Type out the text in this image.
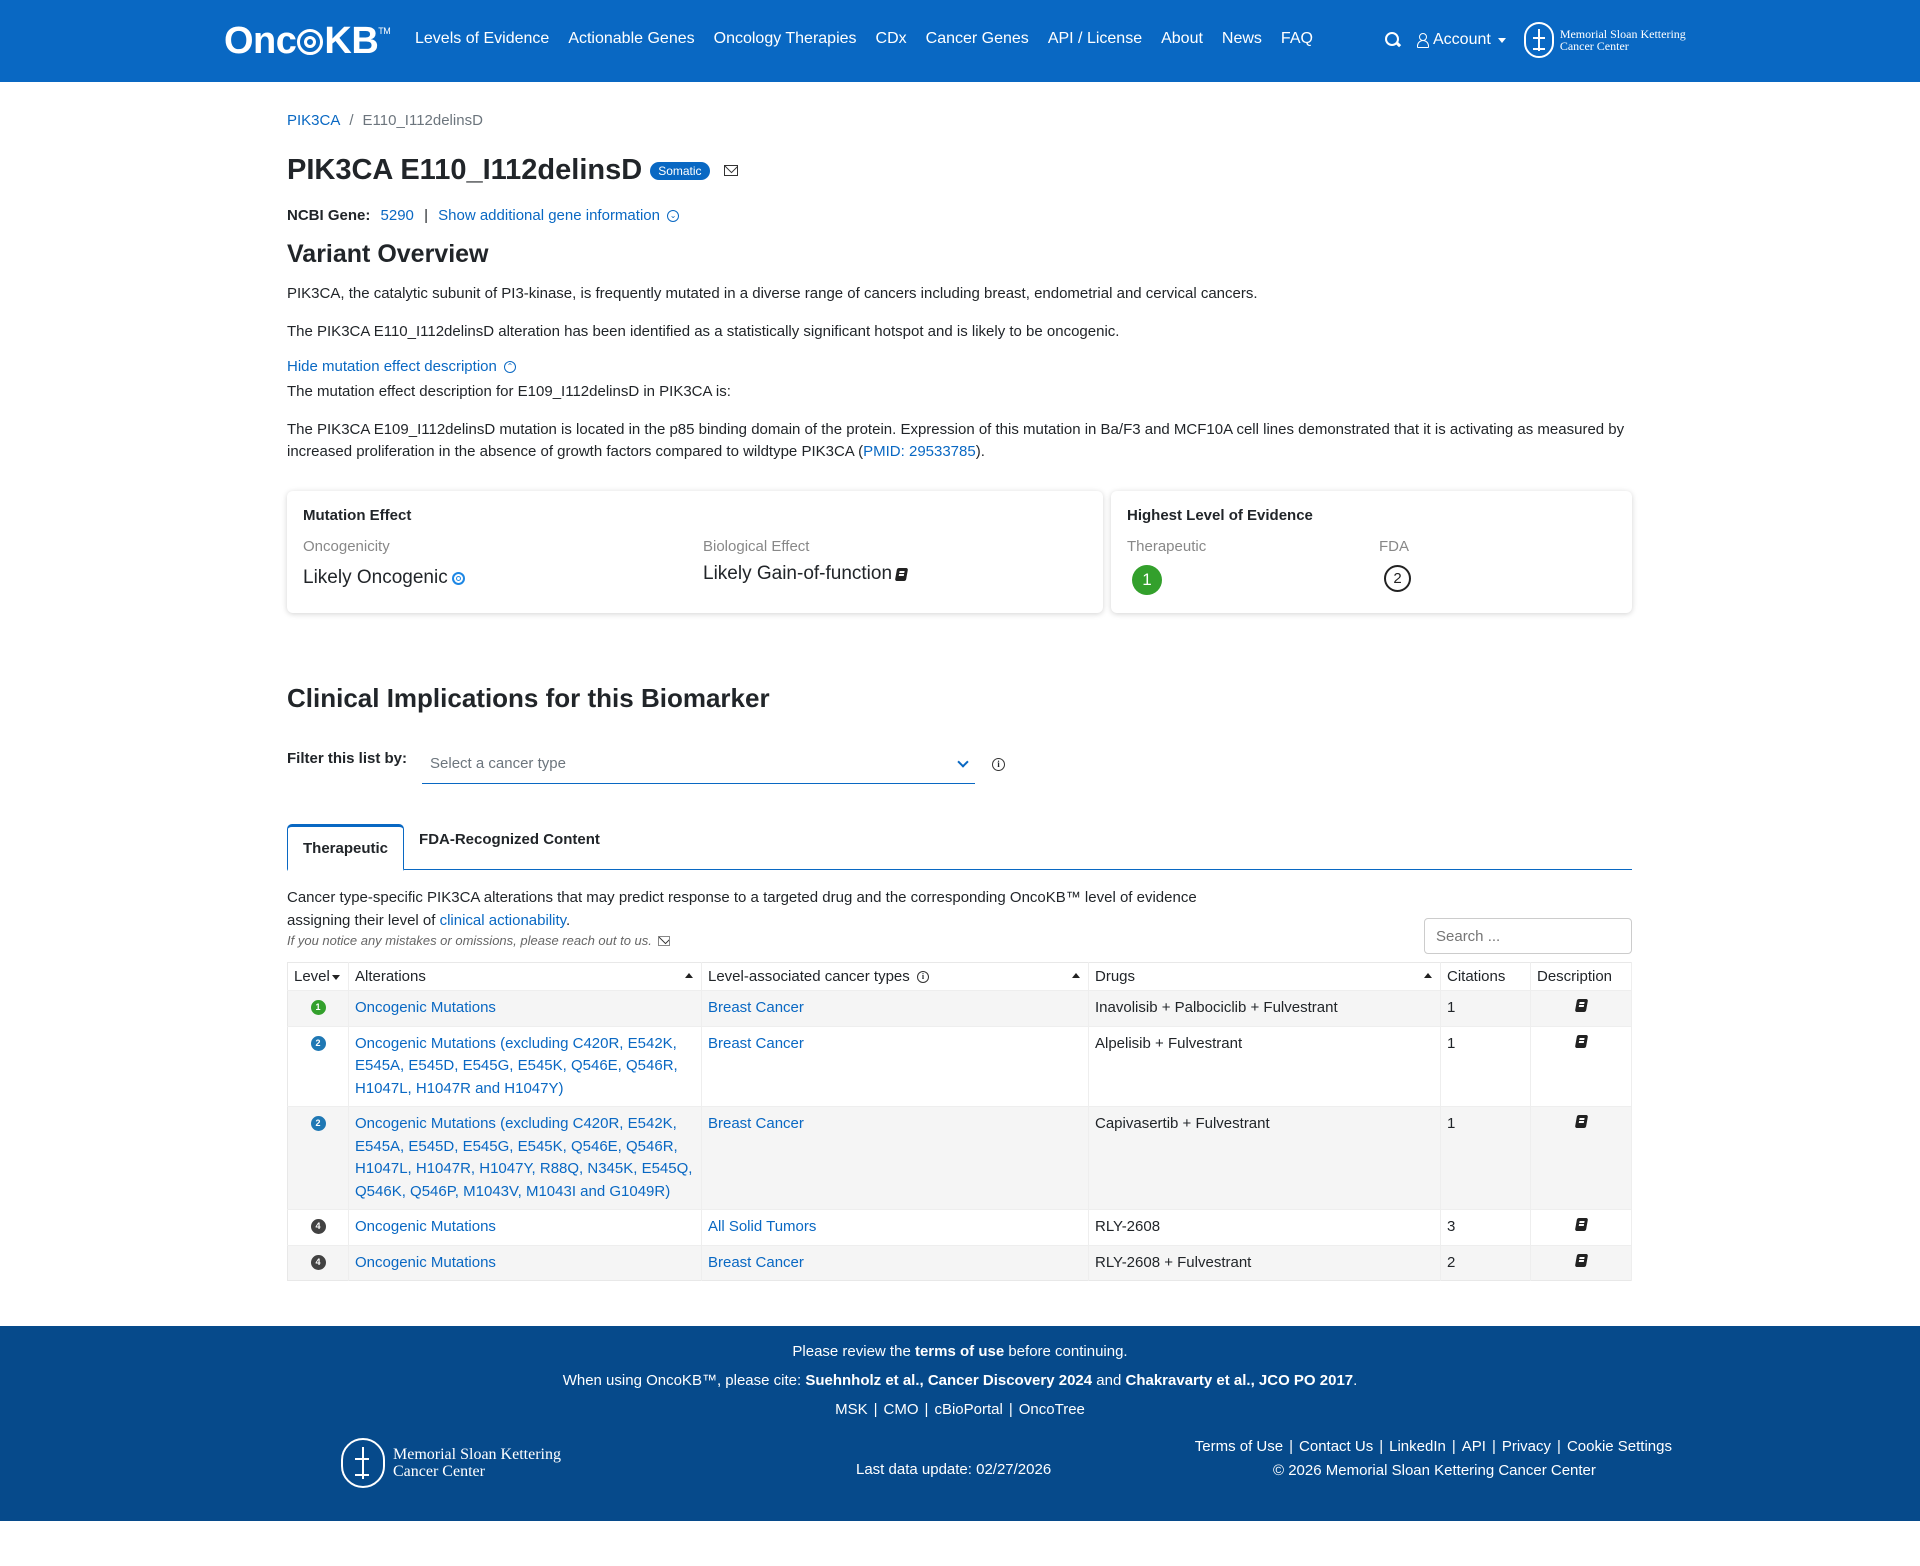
Onc KB TM Levels of Evidence Actionable Genes Oncology Therapies CDx Cancer Genes API / License About News FAQ	Account	Memorial Sloan Kettering
Cancer Center
PIK3CA / E110_I112delinsD
PIK3CA E110_I112delinsD	Somatic
NCBI Gene: 5290 | Show additional gene information ⌄
Variant Overview

PIK3CA, the catalytic subunit of PI3-kinase, is frequently mutated in a diverse range of cancers including breast, endometrial and cervical cancers.

The PIK3CA E110_I112delinsD alteration has been identified as a statistically significant hotspot and is likely to be oncogenic.

Hide mutation effect description ⌃

The mutation effect description for E109_I112delinsD in PIK3CA is:

The PIK3CA E109_I112delinsD mutation is located in the p85 binding domain of the protein. Expression of this mutation in Ba/F3 and MCF10A cell lines demonstrated that it is activating as measured by increased proliferation in the absence of growth factors compared to wildtype PIK3CA (PMID: 29533785).

Mutation Effect
Oncogenicity
Likely Oncogenic
Biological Effect
Likely Gain-of-function
Highest Level of Evidence
Therapeutic
1
FDA
2
Clinical Implications for this Biomarker
Filter this list by: Select a cancer type	i
Therapeutic
FDA-Recognized Content
Cancer type-specific PIK3CA alterations that may predict response to a targeted drug and the corresponding OncoKB™ level of evidence
assigning their level of clinical actionability.
If you notice any mistakes or omissions, please reach out to us.
Search ...
Level	Alterations	Level-associated cancer types i	Drugs	Citations	Description

1	Oncogenic Mutations	Breast Cancer	Inavolisib + Palbociclib + Fulvestrant	1	

2	Oncogenic Mutations (excluding C420R, E542K, E545A, E545D, E545G, E545K, Q546E, Q546R, H1047L, H1047R and H1047Y)	Breast Cancer	Alpelisib + Fulvestrant	1	

2	Oncogenic Mutations (excluding C420R, E542K, E545A, E545D, E545G, E545K, Q546E, Q546R, H1047L, H1047R, H1047Y, R88Q, N345K, E545Q, Q546K, Q546P, M1043V, M1043I and G1049R)	Breast Cancer	Capivasertib + Fulvestrant	1	

4	Oncogenic Mutations	All Solid Tumors	RLY-2608	3	

4	Oncogenic Mutations	Breast Cancer	RLY-2608 + Fulvestrant	2	
Please review the terms of use before continuing.
When using OncoKB™, please cite: Suehnholz et al., Cancer Discovery 2024 and Chakravarty et al., JCO PO 2017.
MSK | CMO | cBioPortal | OncoTree
Memorial Sloan Kettering
Cancer Center	Last data update: 02/27/2026
Terms of Use | Contact Us | LinkedIn | API | Privacy | Cookie Settings
© 2026 Memorial Sloan Kettering Cancer Center
